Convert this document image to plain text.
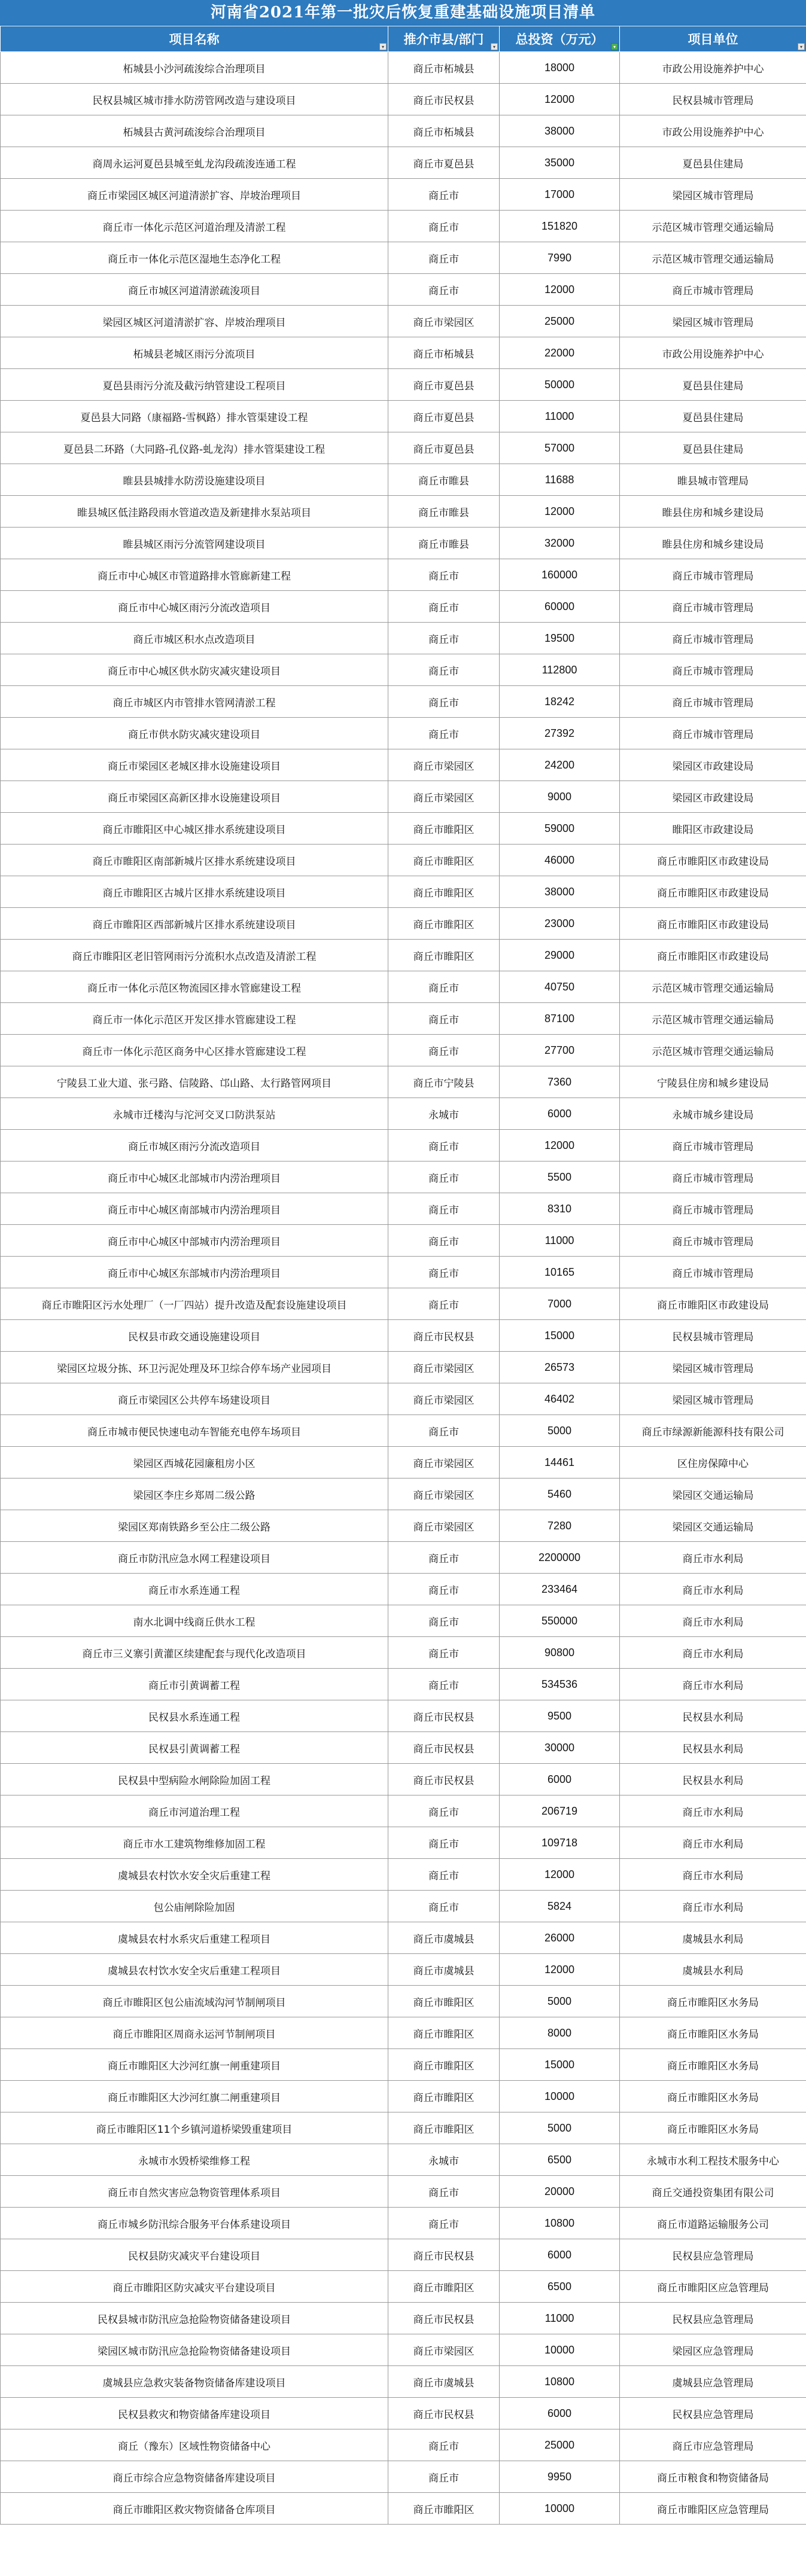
河南省2021年第一批灾后恢复重建基础设施项目清单
项目名称 ▾	推介市县/部门 ▾	总投资（万元） ▾	项目单位 ▾

柘城县小沙河疏浚综合治理项目	商丘市柘城县	18000	市政公用设施养护中心
民权县城区城市排水防涝管网改造与建设项目	商丘市民权县	12000	民权县城市管理局
柘城县古黄河疏浚综合治理项目	商丘市柘城县	38000	市政公用设施养护中心
商周永运河夏邑县城至虬龙沟段疏浚连通工程	商丘市夏邑县	35000	夏邑县住建局
商丘市梁园区城区河道清淤扩容、岸坡治理项目	商丘市	17000	梁园区城市管理局
商丘市一体化示范区河道治理及清淤工程	商丘市	151820	示范区城市管理交通运输局
商丘市一体化示范区湿地生态净化工程	商丘市	7990	示范区城市管理交通运输局
商丘市城区河道清淤疏浚项目	商丘市	12000	商丘市城市管理局
梁园区城区河道清淤扩容、岸坡治理项目	商丘市梁园区	25000	梁园区城市管理局
柘城县老城区雨污分流项目	商丘市柘城县	22000	市政公用设施养护中心
夏邑县雨污分流及截污纳管建设工程项目	商丘市夏邑县	50000	夏邑县住建局
夏邑县大同路（康福路-雪枫路）排水管渠建设工程	商丘市夏邑县	11000	夏邑县住建局
夏邑县二环路（大同路-孔仪路-虬龙沟）排水管渠建设工程	商丘市夏邑县	57000	夏邑县住建局
睢县县城排水防涝设施建设项目	商丘市睢县	11688	睢县城市管理局
睢县城区低洼路段雨水管道改造及新建排水泵站项目	商丘市睢县	12000	睢县住房和城乡建设局
睢县城区雨污分流管网建设项目	商丘市睢县	32000	睢县住房和城乡建设局
商丘市中心城区市管道路排水管廊新建工程	商丘市	160000	商丘市城市管理局
商丘市中心城区雨污分流改造项目	商丘市	60000	商丘市城市管理局
商丘市城区积水点改造项目	商丘市	19500	商丘市城市管理局
商丘市中心城区供水防灾减灾建设项目	商丘市	112800	商丘市城市管理局
商丘市城区内市管排水管网清淤工程	商丘市	18242	商丘市城市管理局
商丘市供水防灾减灾建设项目	商丘市	27392	商丘市城市管理局
商丘市梁园区老城区排水设施建设项目	商丘市梁园区	24200	梁园区市政建设局
商丘市梁园区高新区排水设施建设项目	商丘市梁园区	9000	梁园区市政建设局
商丘市睢阳区中心城区排水系统建设项目	商丘市睢阳区	59000	睢阳区市政建设局
商丘市睢阳区南部新城片区排水系统建设项目	商丘市睢阳区	46000	商丘市睢阳区市政建设局
商丘市睢阳区古城片区排水系统建设项目	商丘市睢阳区	38000	商丘市睢阳区市政建设局
商丘市睢阳区西部新城片区排水系统建设项目	商丘市睢阳区	23000	商丘市睢阳区市政建设局
商丘市睢阳区老旧管网雨污分流积水点改造及清淤工程	商丘市睢阳区	29000	商丘市睢阳区市政建设局
商丘市一体化示范区物流园区排水管廊建设工程	商丘市	40750	示范区城市管理交通运输局
商丘市一体化示范区开发区排水管廊建设工程	商丘市	87100	示范区城市管理交通运输局
商丘市一体化示范区商务中心区排水管廊建设工程	商丘市	27700	示范区城市管理交通运输局
宁陵县工业大道、张弓路、信陵路、邙山路、太行路管网项目	商丘市宁陵县	7360	宁陵县住房和城乡建设局
永城市迁楼沟与沱河交叉口防洪泵站	永城市	6000	永城市城乡建设局
商丘市城区雨污分流改造项目	商丘市	12000	商丘市城市管理局
商丘市中心城区北部城市内涝治理项目	商丘市	5500	商丘市城市管理局
商丘市中心城区南部城市内涝治理项目	商丘市	8310	商丘市城市管理局
商丘市中心城区中部城市内涝治理项目	商丘市	11000	商丘市城市管理局
商丘市中心城区东部城市内涝治理项目	商丘市	10165	商丘市城市管理局
商丘市睢阳区污水处理厂（一厂四站）提升改造及配套设施建设项目	商丘市	7000	商丘市睢阳区市政建设局
民权县市政交通设施建设项目	商丘市民权县	15000	民权县城市管理局
梁园区垃圾分拣、环卫污泥处理及环卫综合停车场产业园项目	商丘市梁园区	26573	梁园区城市管理局
商丘市梁园区公共停车场建设项目	商丘市梁园区	46402	梁园区城市管理局
商丘市城市便民快速电动车智能充电停车场项目	商丘市	5000	商丘市绿源新能源科技有限公司
梁园区西城花园廉租房小区	商丘市梁园区	14461	区住房保障中心
梁园区李庄乡郑周二级公路	商丘市梁园区	5460	梁园区交通运输局
梁园区郑南铁路乡至公庄二级公路	商丘市梁园区	7280	梁园区交通运输局
商丘市防汛应急水网工程建设项目	商丘市	2200000	商丘市水利局
商丘市水系连通工程	商丘市	233464	商丘市水利局
南水北调中线商丘供水工程	商丘市	550000	商丘市水利局
商丘市三义寨引黄灌区续建配套与现代化改造项目	商丘市	90800	商丘市水利局
商丘市引黄调蓄工程	商丘市	534536	商丘市水利局
民权县水系连通工程	商丘市民权县	9500	民权县水利局
民权县引黄调蓄工程	商丘市民权县	30000	民权县水利局
民权县中型病险水闸除险加固工程	商丘市民权县	6000	民权县水利局
商丘市河道治理工程	商丘市	206719	商丘市水利局
商丘市水工建筑物维修加固工程	商丘市	109718	商丘市水利局
虞城县农村饮水安全灾后重建工程	商丘市	12000	商丘市水利局
包公庙闸除险加固	商丘市	5824	商丘市水利局
虞城县农村水系灾后重建工程项目	商丘市虞城县	26000	虞城县水利局
虞城县农村饮水安全灾后重建工程项目	商丘市虞城县	12000	虞城县水利局
商丘市睢阳区包公庙流域沟河节制闸项目	商丘市睢阳区	5000	商丘市睢阳区水务局
商丘市睢阳区周商永运河节制闸项目	商丘市睢阳区	8000	商丘市睢阳区水务局
商丘市睢阳区大沙河红旗一闸重建项目	商丘市睢阳区	15000	商丘市睢阳区水务局
商丘市睢阳区大沙河红旗二闸重建项目	商丘市睢阳区	10000	商丘市睢阳区水务局
商丘市睢阳区11个乡镇河道桥梁毁重建项目	商丘市睢阳区	5000	商丘市睢阳区水务局
永城市水毁桥梁维修工程	永城市	6500	永城市水利工程技术服务中心
商丘市自然灾害应急物资管理体系项目	商丘市	20000	商丘交通投资集团有限公司
商丘市城乡防汛综合服务平台体系建设项目	商丘市	10800	商丘市道路运输服务公司
民权县防灾减灾平台建设项目	商丘市民权县	6000	民权县应急管理局
商丘市睢阳区防灾减灾平台建设项目	商丘市睢阳区	6500	商丘市睢阳区应急管理局
民权县城市防汛应急抢险物资储备建设项目	商丘市民权县	11000	民权县应急管理局
梁园区城市防汛应急抢险物资储备建设项目	商丘市梁园区	10000	梁园区应急管理局
虞城县应急救灾装备物资储备库建设项目	商丘市虞城县	10800	虞城县应急管理局
民权县救灾和物资储备库建设项目	商丘市民权县	6000	民权县应急管理局
商丘（豫东）区域性物资储备中心	商丘市	25000	商丘市应急管理局
商丘市综合应急物资储备库建设项目	商丘市	9950	商丘市粮食和物资储备局
商丘市睢阳区救灾物资储备仓库项目	商丘市睢阳区	10000	商丘市睢阳区应急管理局
